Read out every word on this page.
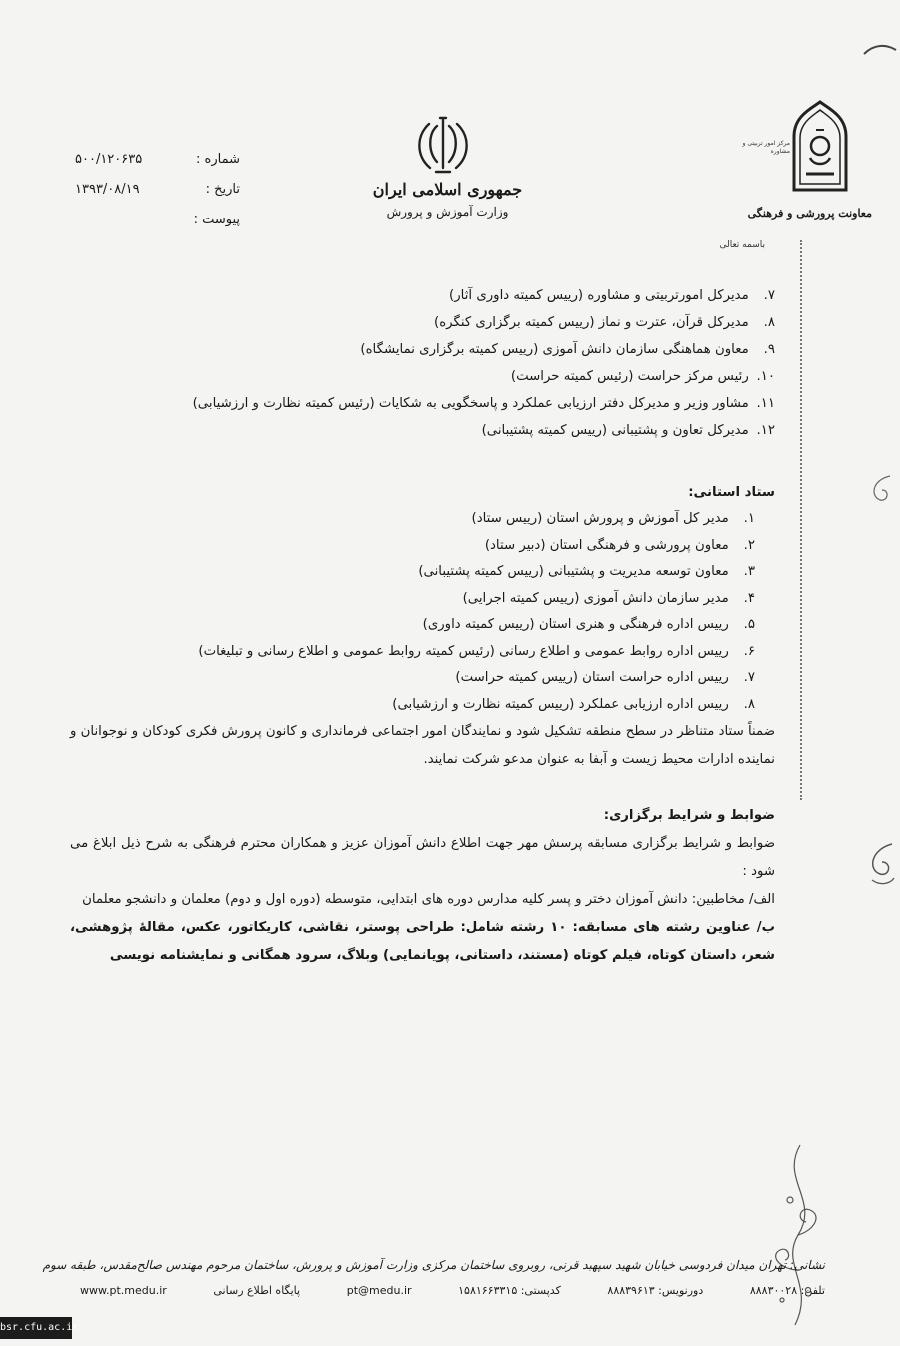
شماره :
۵۰۰/۱۲۰۶۳۵
تاریخ :
۱۳۹۳/۰۸/۱۹
پیوست :
جمهوری اسلامی ایران
وزارت آموزش و پرورش
مرکز امور تربیتی و مشاوره
معاونت پرورشی و فرهنگی
باسمه تعالی
۷. مدیرکل امورتربیتی و مشاوره (رییس کمیته داوری آثار)
۸. مدیرکل قرآن، عترت و نماز (رییس کمیته برگزاری کنگره)
۹. معاون هماهنگی سازمان دانش آموزی (رییس کمیته برگزاری نمایشگاه)
۱۰. رئیس مرکز حراست (رئیس کمیته حراست)
۱۱. مشاور وزیر و مدیرکل دفتر ارزیابی عملکرد و پاسخگویی به شکایات (رئیس کمیته نظارت و ارزشیابی)
۱۲. مدیرکل تعاون و پشتیبانی (رییس کمیته پشتیبانی)
ستاد استانی:
۱. مدیر کل آموزش و پرورش استان (رییس ستاد)
۲. معاون پرورشی و فرهنگی استان (دبیر ستاد)
۳. معاون توسعه مدیریت و پشتیبانی (رییس کمیته پشتیبانی)
۴. مدیر سازمان دانش آموزی (رییس کمیته اجرایی)
۵. رییس اداره فرهنگی و هنری استان (رییس کمیته داوری)
۶. رییس اداره روابط عمومی و اطلاع رسانی (رئیس کمیته روابط عمومی و اطلاع رسانی و تبلیغات)
۷. رییس اداره حراست استان (رییس کمیته حراست)
۸. رییس اداره ارزیابی عملکرد (رییس کمیته نظارت و ارزشیابی)
ضمناً ستاد متناظر در سطح منطقه تشکیل شود و نمایندگان امور اجتماعی فرمانداری و کانون پرورش فکری کودکان و نوجوانان و نماینده ادارات محیط زیست و آبفا به عنوان مدعو شرکت نمایند.
ضوابط و شرایط برگزاری:
ضوابط و شرایط برگزاری مسابقه پرسش مهر جهت اطلاع دانش آموزان عزیز و همکاران محترم فرهنگی به شرح ذیل ابلاغ می شود :
الف/ مخاطبین: دانش آموزان دختر و پسر کلیه مدارس دوره های ابتدایی، متوسطه (دوره اول و دوم) معلمان و دانشجو معلمان
ب/ عناوین رشته های مسابقه: ۱۰ رشته شامل: طراحی پوستر، نقاشی، کاریکاتور، عکس، مقالهٔ پژوهشی، شعر، داستان کوتاه، فیلم کوتاه (مستند، داستانی، پویانمایی) وبلاگ، سرود همگانی و نمایشنامه نویسی
نشانی: تهران میدان فردوسی خیابان شهید سپهبد قرنی، روبروی ساختمان مرکزی وزارت آموزش و پرورش، ساختمان مرحوم مهندس صالح‌مقدس، طبقه سوم
www.pt.medu.ir	پایگاه اطلاع رسانی	pt@medu.ir	کدپستی: ۱۵۸۱۶۶۳۳۱۵	دورنویس: ۸۸۸۳۹۶۱۳	تلفن: ۸۸۸۳۰۰۲۸
bsr.cfu.ac.ir
